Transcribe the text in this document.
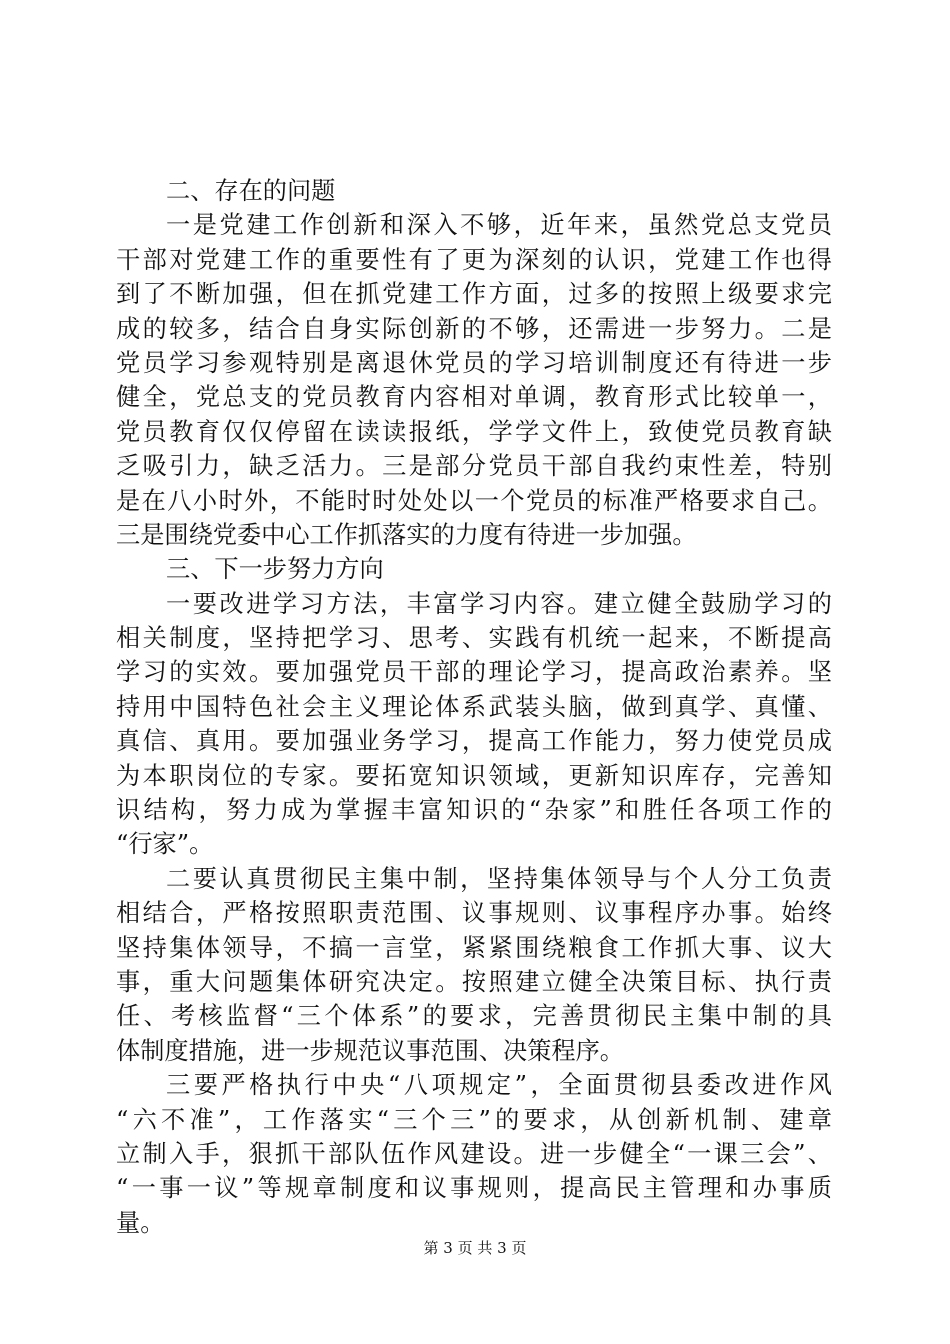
二、存在的问题
一是党建工作创新和深入不够，近年来，虽然党总支党员
干部对党建工作的重要性有了更为深刻的认识，党建工作也得
到了不断加强，但在抓党建工作方面，过多的按照上级要求完
成的较多，结合自身实际创新的不够，还需进一步努力。二是
党员学习参观特别是离退休党员的学习培训制度还有待进一步
健全，党总支的党员教育内容相对单调，教育形式比较单一，
党员教育仅仅停留在读读报纸，学学文件上，致使党员教育缺
乏吸引力，缺乏活力。三是部分党员干部自我约束性差，特别
是在八小时外，不能时时处处以一个党员的标准严格要求自己。
三是围绕党委中心工作抓落实的力度有待进一步加强。
三、下一步努力方向
一要改进学习方法，丰富学习内容。建立健全鼓励学习的
相关制度，坚持把学习、思考、实践有机统一起来，不断提高
学习的实效。要加强党员干部的理论学习，提高政治素养。坚
持用中国特色社会主义理论体系武装头脑，做到真学、真懂、
真信、真用。要加强业务学习，提高工作能力，努力使党员成
为本职岗位的专家。要拓宽知识领域，更新知识库存，完善知
识结构，努力成为掌握丰富知识的“杂家”和胜任各项工作的
“行家”。
二要认真贯彻民主集中制，坚持集体领导与个人分工负责
相结合，严格按照职责范围、议事规则、议事程序办事。始终
坚持集体领导，不搞一言堂，紧紧围绕粮食工作抓大事、议大
事，重大问题集体研究决定。按照建立健全决策目标、执行责
任、考核监督“三个体系”的要求，完善贯彻民主集中制的具
体制度措施，进一步规范议事范围、决策程序。
三要严格执行中央“八项规定”，全面贯彻县委改进作风
“六不准”，工作落实“三个三”的要求，从创新机制、建章
立制入手，狠抓干部队伍作风建设。进一步健全“一课三会”、
“一事一议”等规章制度和议事规则，提高民主管理和办事质
量。
第 3 页 共 3 页
